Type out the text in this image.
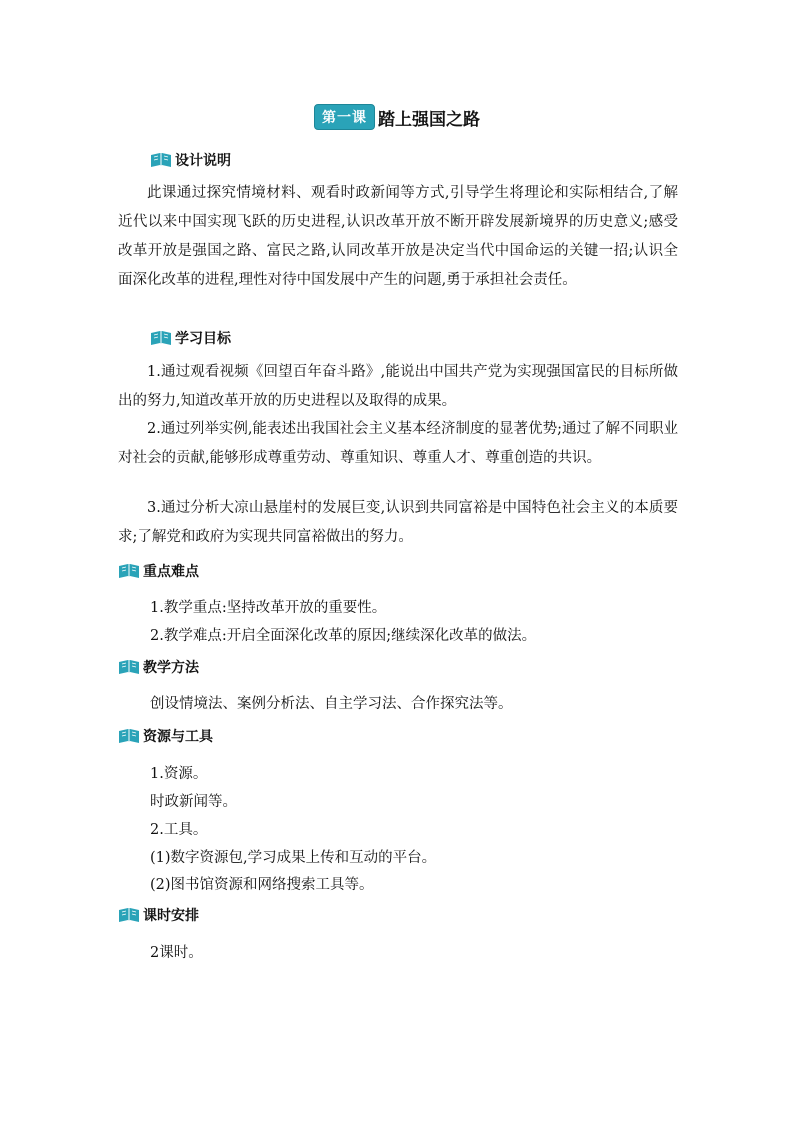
第一课 踏上强国之路
设计说明
此课通过探究情境材料、观看时政新闻等方式,引导学生将理论和实际相结合,了解近代以来中国实现飞跃的历史进程,认识改革开放不断开辟发展新境界的历史意义;感受改革开放是强国之路、富民之路,认同改革开放是决定当代中国命运的关键一招;认识全面深化改革的进程,理性对待中国发展中产生的问题,勇于承担社会责任。
学习目标
1.通过观看视频《回望百年奋斗路》,能说出中国共产党为实现强国富民的目标所做出的努力,知道改革开放的历史进程以及取得的成果。
2.通过列举实例,能表述出我国社会主义基本经济制度的显著优势;通过了解不同职业对社会的贡献,能够形成尊重劳动、尊重知识、尊重人才、尊重创造的共识。
3.通过分析大凉山悬崖村的发展巨变,认识到共同富裕是中国特色社会主义的本质要求;了解党和政府为实现共同富裕做出的努力。
重点难点
1.教学重点:坚持改革开放的重要性。
2.教学难点:开启全面深化改革的原因;继续深化改革的做法。
教学方法
创设情境法、案例分析法、自主学习法、合作探究法等。
资源与工具
1.资源。
时政新闻等。
2.工具。
(1)数字资源包,学习成果上传和互动的平台。
(2)图书馆资源和网络搜索工具等。
课时安排
2课时。
